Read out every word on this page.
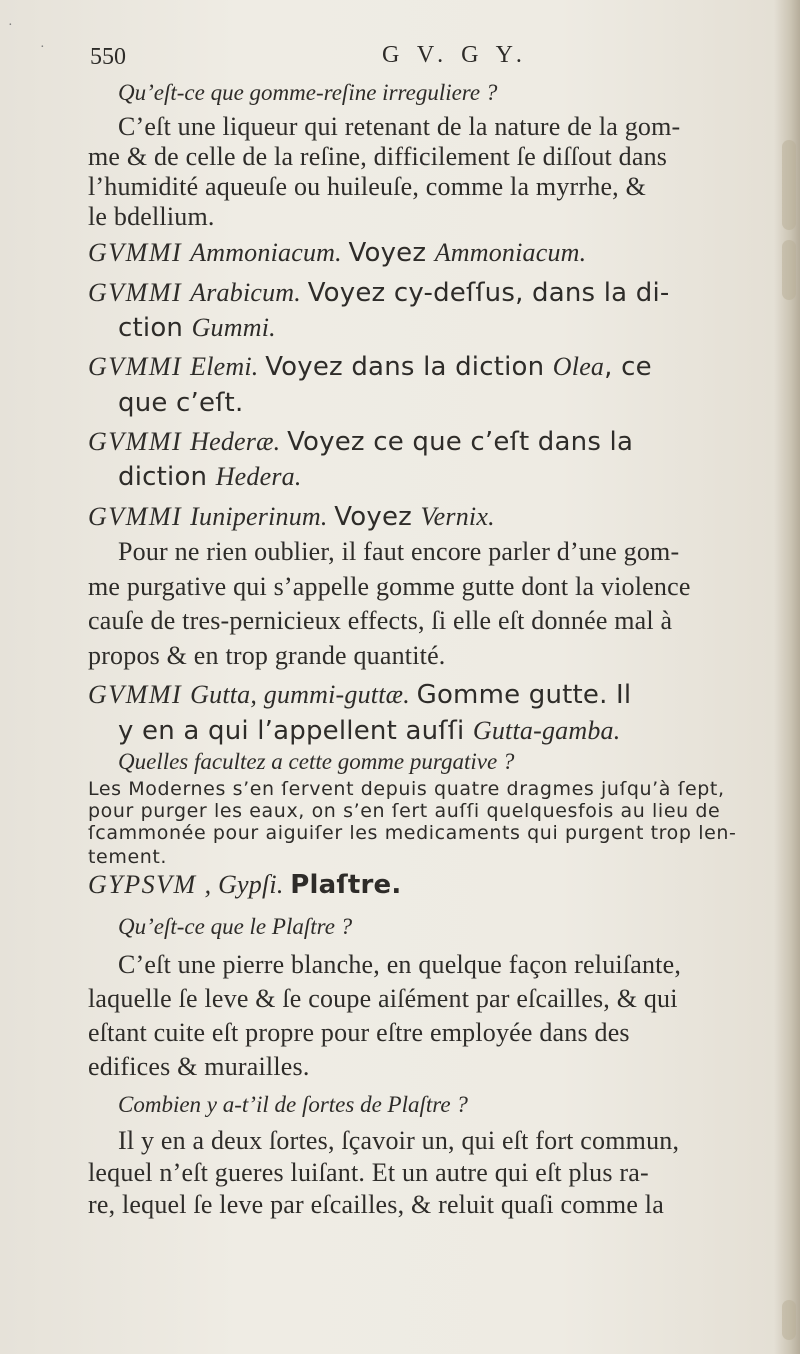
·
· 550	G V. G Y.
Qu’eſt-ce que gomme-reſine irreguliere ?
C’eſt une liqueur qui retenant de la nature de la gom-
me & de celle de la reſine, difficilement ſe diſſout dans
l’humidité aqueuſe ou huileuſe, comme la myrrhe, &
le bdellium.
GVMMI Ammoniacum. Voyez Ammoniacum.
GVMMI Arabicum. Voyez cy-deſſus, dans la di-
ction Gummi.
GVMMI Elemi. Voyez dans la diction Olea, ce
que c’eſt.
GVMMI Hederæ. Voyez ce que c’eſt dans la
diction Hedera.
GVMMI Iuniperinum. Voyez Vernix.
Pour ne rien oublier, il faut encore parler d’une gom-
me purgative qui s’appelle gomme gutte dont la violence
cauſe de tres-pernicieux effects, ſi elle eſt donnée mal à
propos & en trop grande quantité.
GVMMI Gutta, gummi-guttæ. Gomme gutte. Il
y en a qui l’appellent auſſi Gutta-gamba.
Quelles facultez a cette gomme purgative ?
Les Modernes s’en ſervent depuis quatre dragmes juſqu’à ſept,
pour purger les eaux, on s’en ſert auſſi quelquesfois au lieu de
ſcammonée pour aiguiſer les medicaments qui purgent trop len-
tement.
GYPSVM , Gypſi. Plaſtre.
Qu’eſt-ce que le Plaſtre ?
C’eſt une pierre blanche, en quelque façon reluiſante,
laquelle ſe leve & ſe coupe aiſément par eſcailles, & qui
eſtant cuite eſt propre pour eſtre employée dans des
edifices & murailles.
Combien y a-t’il de ſortes de Plaſtre ?
Il y en a deux ſortes, ſçavoir un, qui eſt fort commun,
lequel n’eſt gueres luiſant. Et un autre qui eſt plus ra-
re, lequel ſe leve par eſcailles, & reluit quaſi comme la
